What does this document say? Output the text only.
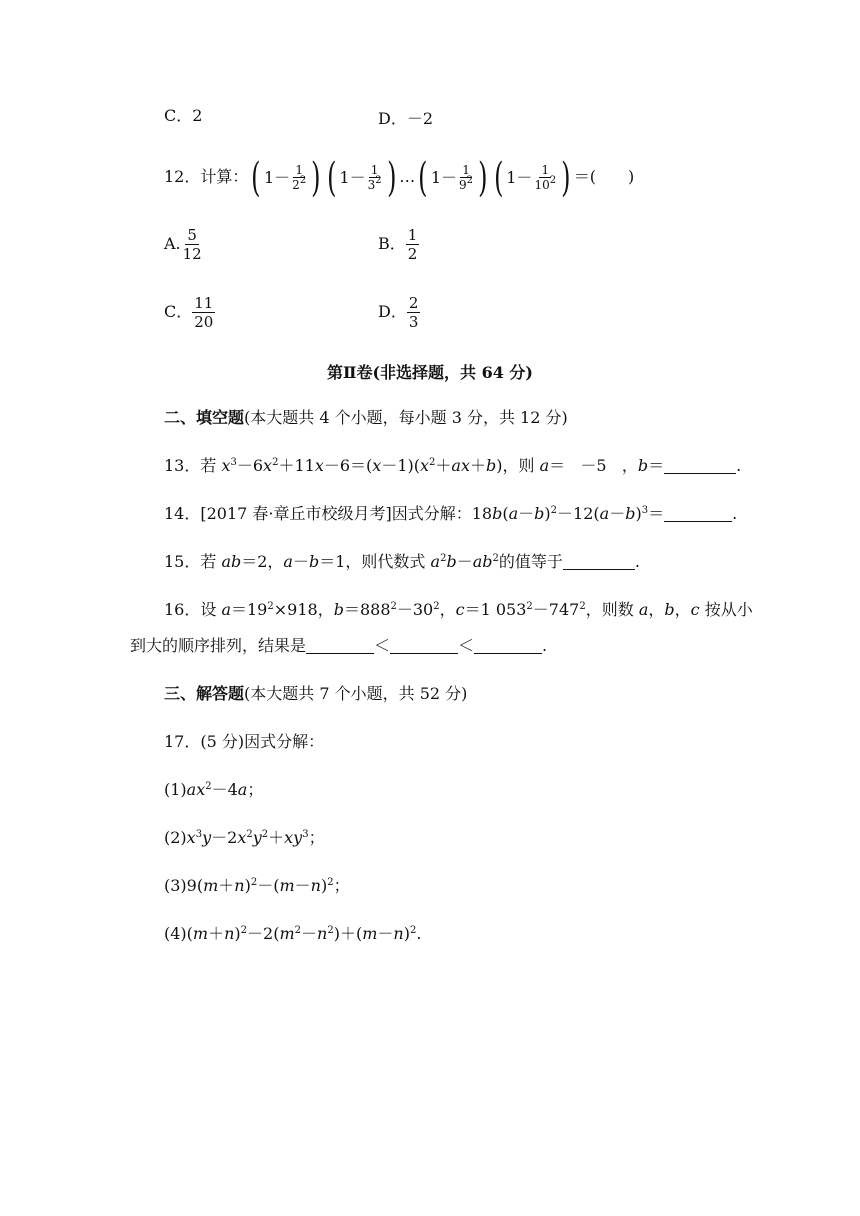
C．2	D．－2
12．计算： ( $1- \frac{1}{2^2}$ ) ( $1- \frac{1}{3^2}$ ) … ( $1- \frac{1}{9^2}$ ) ( $1- \frac{1}{10^2}$ ) ＝(　　)
A. $\frac{5}{12}$	B． $\frac{1}{2}$
C． $\frac{11}{20}$	D． $\frac{2}{3}$
第Ⅱ卷(非选择题，共 64 分)
二、填空题(本大题共 4 个小题，每小题 3 分，共 12 分)
13．若 $x^3-6x^2+11x-6=(x-1)(x^2+ax+b)$，则 a＝   －5   ，b＝	.
14．[2017 春·章丘市校级月考]因式分解：$18b(a-b)^2-12(a-b)^3=$	.
15．若 ab＝2，a－b＝1，则代数式 $a^2b-ab^2$的值等于	.
16．设 $a=19^2\times 918$，$b=888^2-30^2$，c＝1 $053^2-747^2$，则数 a，b，c 按从小
到大的顺序排列，结果是	＜	＜	.
三、解答题(本大题共 7 个小题，共 52 分)
17．(5 分)因式分解：
$(1)ax^2-4a$；
$(2)x^3y-2x^2y^2+xy^3$；
$(3)9(m+n)^2-(m-n)^2$；
$(4)(m+n)^2-2(m^2-n^2)+(m-n)^2$.
